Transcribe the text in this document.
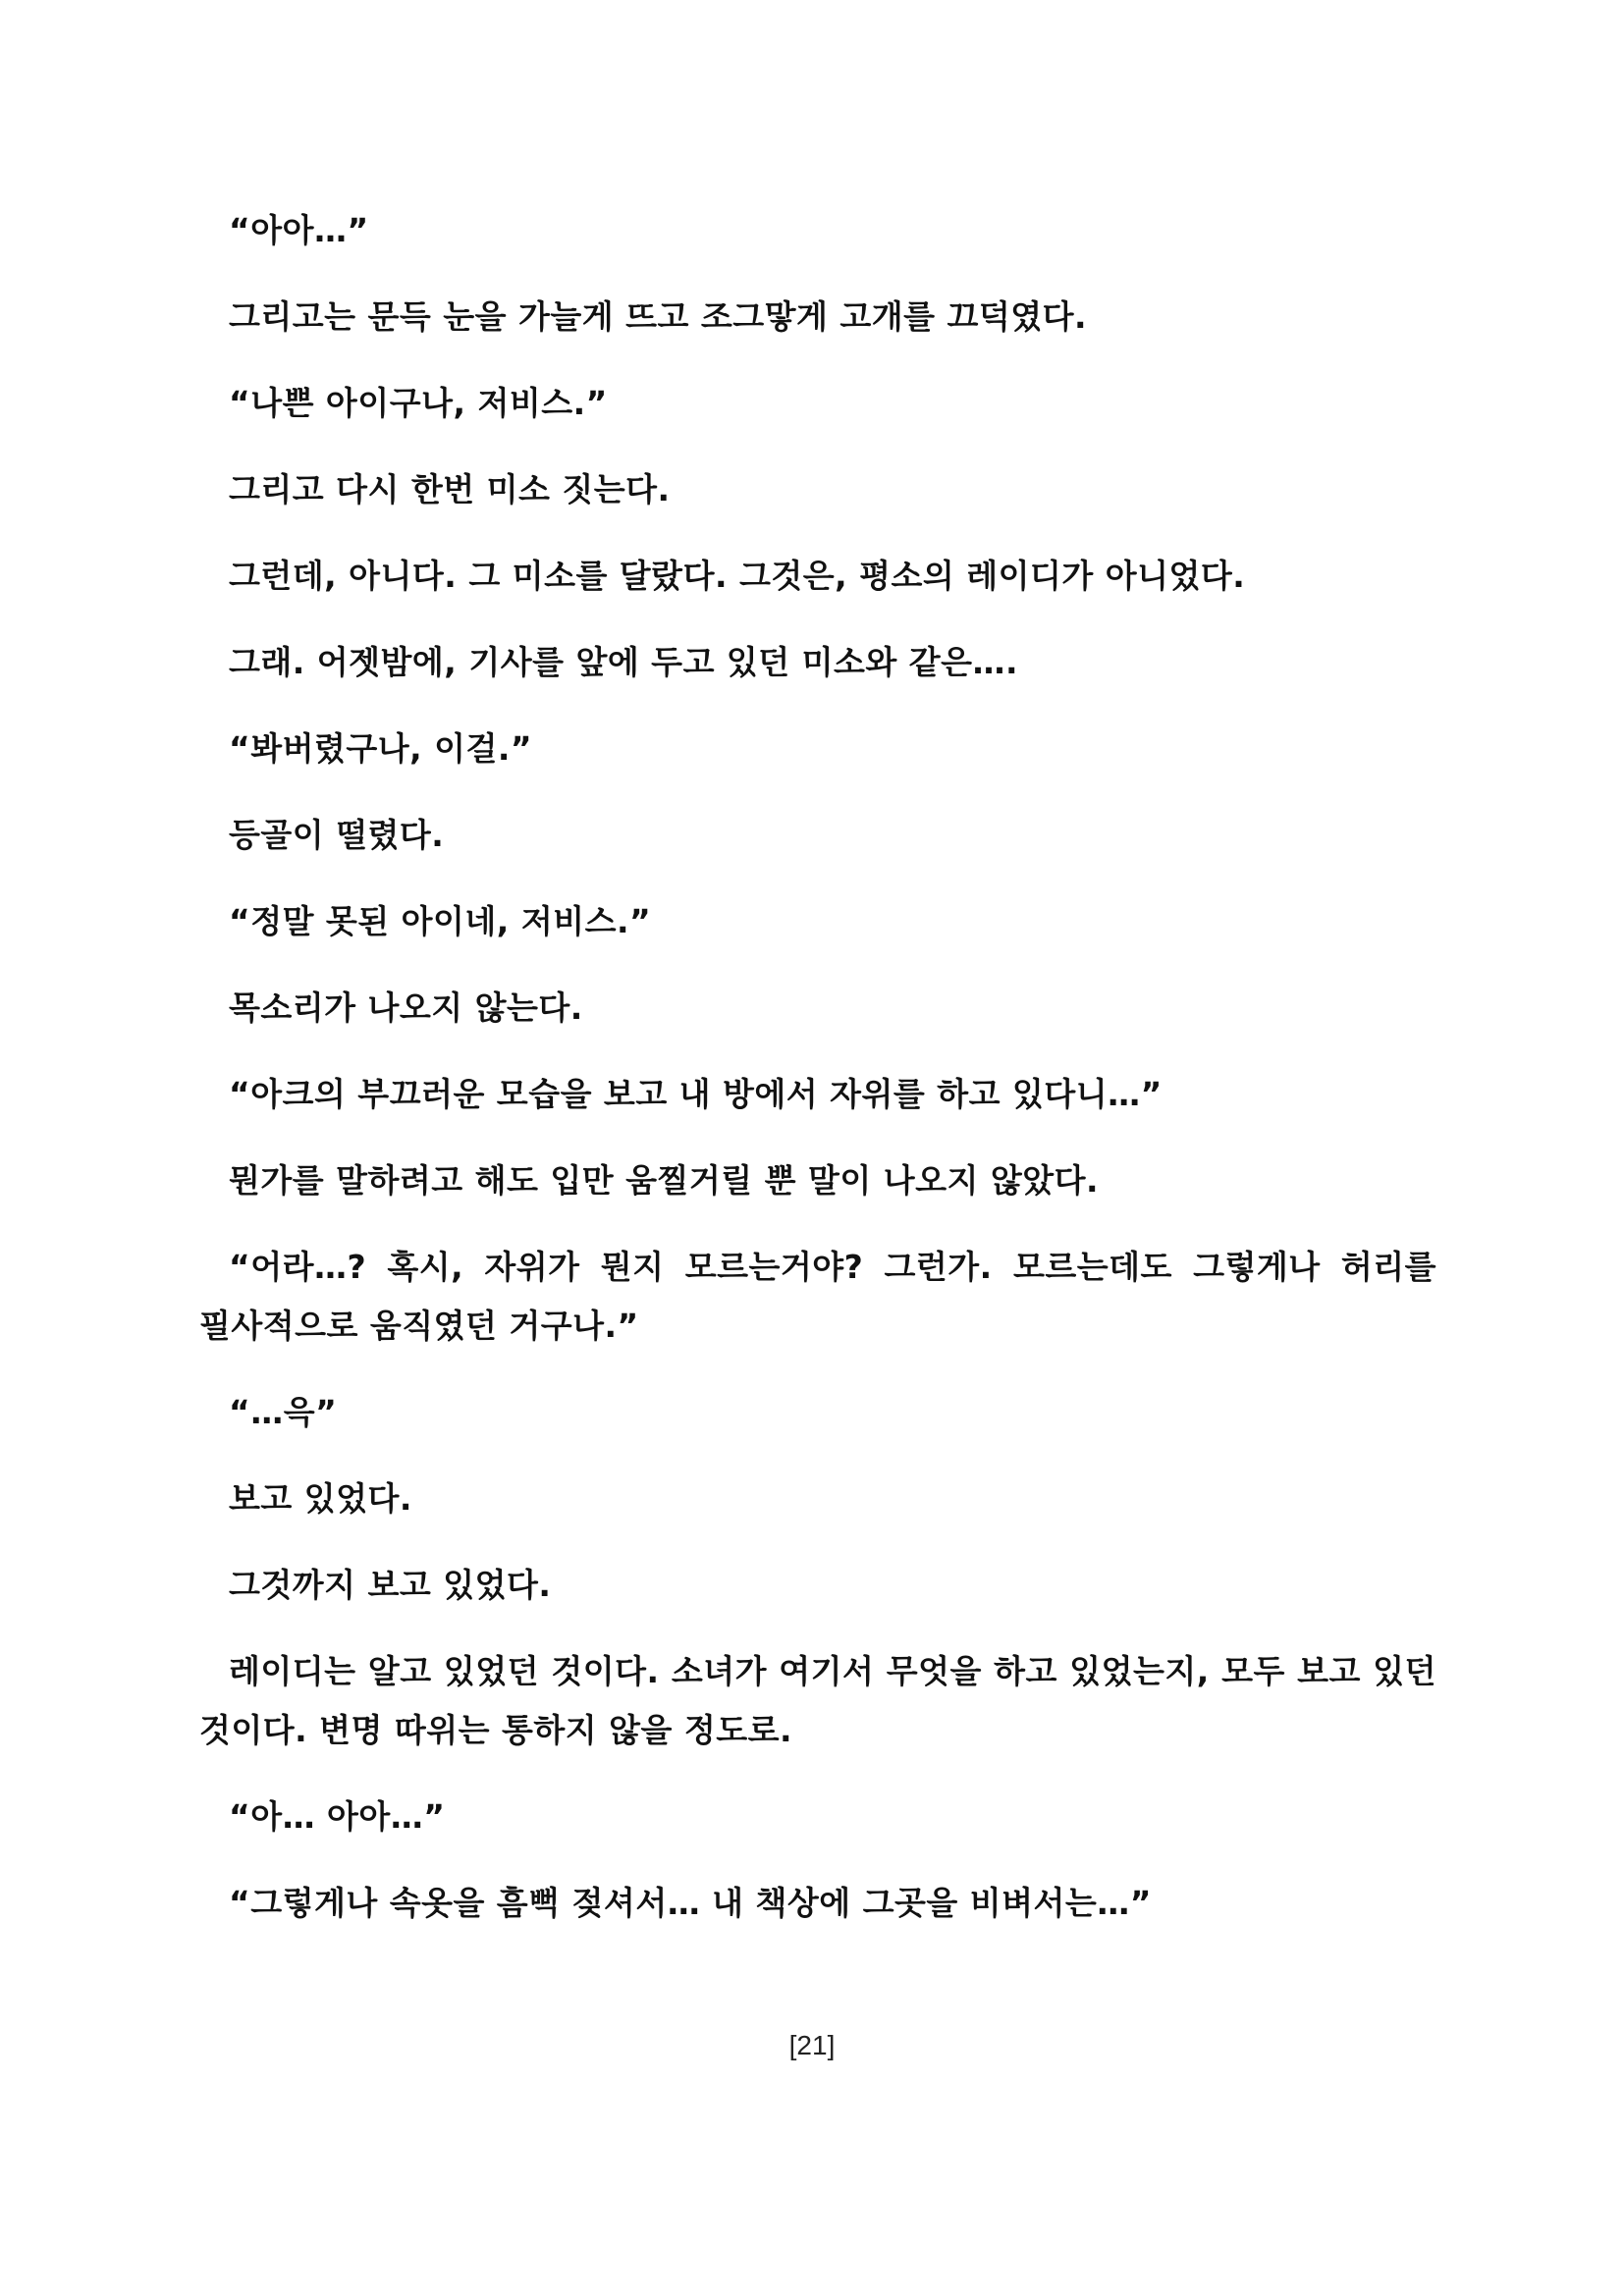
“아아…”

그리고는 문득 눈을 가늘게 뜨고 조그맣게 고개를 끄덕였다.

“나쁜 아이구나, 저비스.”

그리고 다시 한번 미소 짓는다.

그런데, 아니다. 그 미소를 달랐다. 그것은, 평소의 레이디가 아니었다.

그래. 어젯밤에, 기사를 앞에 두고 있던 미소와 같은….

“봐버렸구나, 이걸.”

등골이 떨렸다.

“정말 못된 아이네, 저비스.”

목소리가 나오지 않는다.

“아크의 부끄러운 모습을 보고 내 방에서 자위를 하고 있다니…”

뭔가를 말하려고 해도 입만 움찔거릴 뿐 말이 나오지 않았다.

“어라…? 혹시, 자위가 뭔지 모르는거야? 그런가. 모르는데도 그렇게나 허리를 필사적으로 움직였던 거구나.”

“…윽”

보고 있었다.

그것까지 보고 있었다.

레이디는 알고 있었던 것이다. 소녀가 여기서 무엇을 하고 있었는지, 모두 보고 있던 것이다. 변명 따위는 통하지 않을 정도로.

“아… 아아…”

“그렇게나 속옷을 흠뻑 젖셔서… 내 책상에 그곳을 비벼서는…”

[21]
